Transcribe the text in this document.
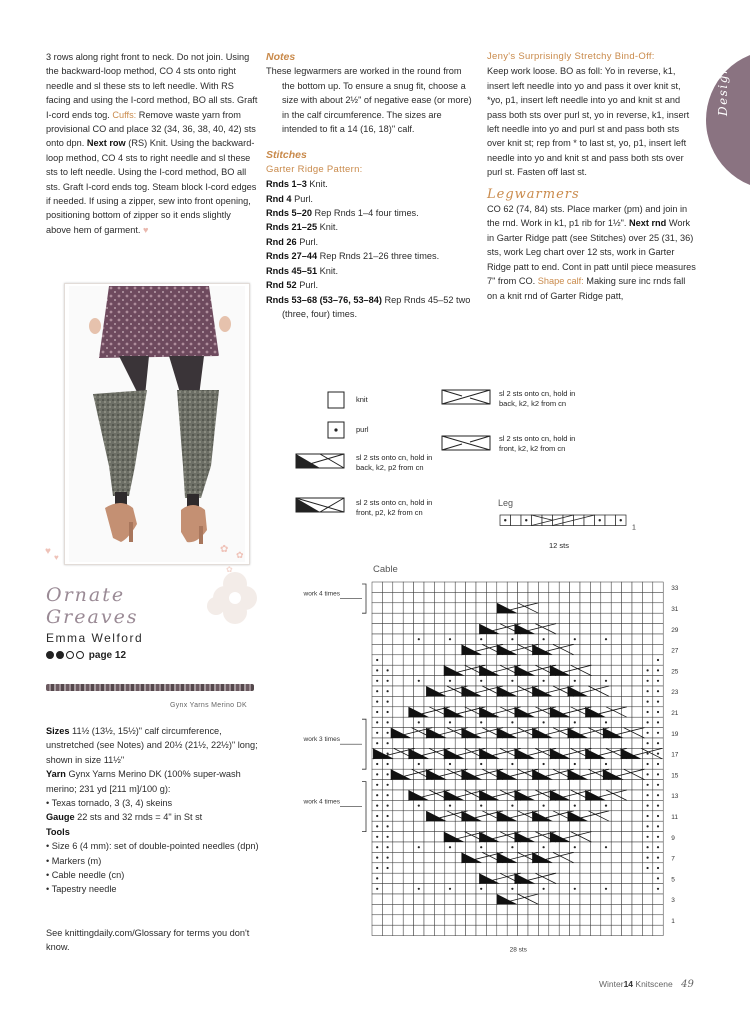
3 rows along right front to neck. Do not join. Using the backward-loop method, CO 4 sts onto right needle and sl these sts to left needle. With RS facing and using the I-cord method, BO all sts. Graft I-cord ends tog. Cuffs: Remove waste yarn from provisional CO and place 32 (34, 36, 38, 40, 42) sts onto dpn. Next row (RS) Knit. Using the backward-loop method, CO 4 sts to right needle and sl these sts to left needle. Using the I-cord method, BO all sts. Graft I-cord ends tog. Steam block I-cord edges if needed. If using a zipper, sew into front opening, positioning bottom of zipper so it ends slightly above hem of garment. ♥

Notes

These legwarmers are worked in the round from the bottom up. To ensure a snug fit, choose a size with about 2½" of negative ease (or more) in the calf circumference. The sizes are intended to fit a 14 (16, 18)" calf.

Stitches
Garter Ridge Pattern:

Rnds 1–3 Knit.

Rnd 4 Purl.

Rnds 5–20 Rep Rnds 1–4 four times.

Rnds 21–25 Knit.

Rnd 26 Purl.

Rnds 27–44 Rep Rnds 21–26 three times.

Rnds 45–51 Knit.

Rnd 52 Purl.

Rnds 53–68 (53–76, 53–84) Rep Rnds 45–52 two (three, four) times.

Jeny's Surprisingly Stretchy Bind-Off:

Keep work loose. BO as foll: Yo in reverse, k1, insert left needle into yo and pass it over knit st, *yo, p1, insert left needle into yo and knit st and pass both sts over purl st, yo in reverse, k1, insert left needle into yo and purl st and pass both sts over knit st; rep from * to last st, yo, p1, insert left needle into yo and knit st and pass both sts over purl st. Fasten off last st.

Legwarmers

CO 62 (74, 84) sts. Place marker (pm) and join in the rnd. Work in k1, p1 rib for 1½". Next rnd Work in Garter Ridge patt (see Stitches) over 25 (31, 36) sts, work Leg chart over 12 sts, work in Garter Ridge patt to end. Cont in patt until piece measures 7" from CO. Shape calf: Making sure inc rnds fall on a knit rnd of Garter Ridge patt,

Designer
♥
♥
✿ ✿
✿
Ornate
Greaves
Emma Welford
page 12
Gynx Yarns Merino DK

Sizes 11½ (13½, 15½)" calf circumference, unstretched (see Notes) and 20½ (21½, 22½)" long; shown in size 11½"

Yarn Gynx Yarns Merino DK (100% super-wash merino; 231 yd [211 m]/100 g):

• Texas tornado, 3 (3, 4) skeins

Gauge 22 sts and 32 rnds = 4" in St st

Tools

• Size 6 (4 mm): set of double-pointed needles (dpn)

• Markers (m)

• Cable needle (cn)

• Tapestry needle

See knittingdaily.com/Glossary for terms you don't know.
knit
purl
sl 2 sts onto cn, hold in back, k2, p2 from cn
sl 2 sts onto cn, hold in front, p2, k2 from cn
sl 2 sts onto cn, hold in back, k2, k2 from cn
sl 2 sts onto cn, hold in front, k2, k2 from cn
Leg
1
12 sts
Cable
33
31
29
27
25
23
21
19
17
15
13
11
9
7
5
3
1
work 4 times
work 3 times
work 4 times
28 sts
Winter14 Knitscene 49
